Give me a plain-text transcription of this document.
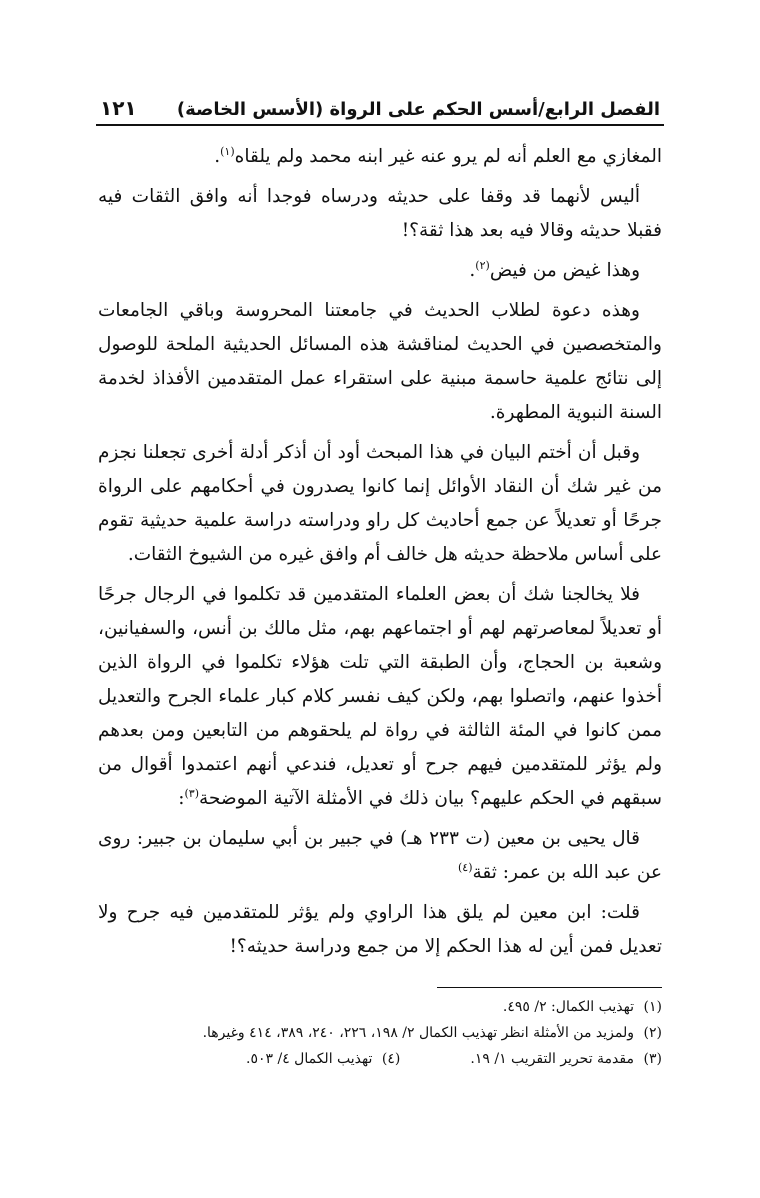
الفصل الرابع/أسس الحكم على الرواة (الأسس الخاصة)
١٢١

المغازي مع العلم أنه لم يرو عنه غير ابنه محمد ولم يلقاه$^{(١)}$.

أليس لأنهما قد وقفا على حديثه ودرساه فوجدا أنه وافق الثقات فيه فقبلا حديثه وقالا فيه بعد هذا ثقة؟!

وهذا غيض من فيض$^{(٢)}$.

وهذه دعوة لطلاب الحديث في جامعتنا المحروسة وباقي الجامعات والمتخصصين في الحديث لمناقشة هذه المسائل الحديثية الملحة للوصول إلى نتائج علمية حاسمة مبنية على استقراء عمل المتقدمين الأفذاذ لخدمة السنة النبوية المطهرة.

وقبل أن أختم البيان في هذا المبحث أود أن أذكر أدلة أخرى تجعلنا نجزم من غير شك أن النقاد الأوائل إنما كانوا يصدرون في أحكامهم على الرواة جرحًا أو تعديلاً عن جمع أحاديث كل راو ودراسته دراسة علمية حديثية تقوم على أساس ملاحظة حديثه هل خالف أم وافق غيره من الشيوخ الثقات.

فلا يخالجنا شك أن بعض العلماء المتقدمين قد تكلموا في الرجال جرحًا أو تعديلاً لمعاصرتهم لهم أو اجتماعهم بهم، مثل مالك بن أنس، والسفيانين، وشعبة بن الحجاج، وأن الطبقة التي تلت هؤلاء تكلموا في الرواة الذين أخذوا عنهم، واتصلوا بهم، ولكن كيف نفسر كلام كبار علماء الجرح والتعديل ممن كانوا في المئة الثالثة في رواة لم يلحقوهم من التابعين ومن بعدهم ولم يؤثر للمتقدمين فيهم جرح أو تعديل، فندعي أنهم اعتمدوا أقوال من سبقهم في الحكم عليهم؟ بيان ذلك في الأمثلة الآتية الموضحة$^{(٣)}$:

قال يحيى بن معين (ت ٢٣٣ هـ) في جبير بن أبي سليمان بن جبير: روى عن عبد الله بن عمر: ثقة$^{(٤)}$

قلت: ابن معين لم يلق هذا الراوي ولم يؤثر للمتقدمين فيه جرح ولا تعديل فمن أين له هذا الحكم إلا من جمع ودراسة حديثه؟!

(١)
تهذيب الكمال: ٢/ ٤٩٥.
(٢)
ولمزيد من الأمثلة انظر تهذيب الكمال ٢/ ١٩٨، ٢٢٦، ٢٤٠، ٣٨٩، ٤١٤ وغيرها.
(٣)
مقدمة تحرير التقريب ١/ ١٩.
(٤)
تهذيب الكمال ٤/ ٥٠٣.
